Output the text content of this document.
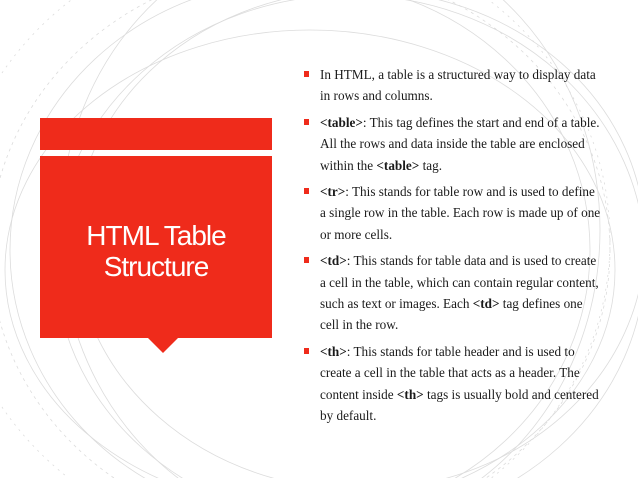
HTML Table
Structure
In HTML, a table is a structured way to display data in rows and columns.
<table>: This tag defines the start and end of a table. All the rows and data inside the table are enclosed within the <table> tag.
<tr>: This stands for table row and is used to define a single row in the table. Each row is made up of one or more cells.
<td>: This stands for table data and is used to create a cell in the table, which can contain regular content, such as text or images. Each <td> tag defines one cell in the row.
<th>: This stands for table header and is used to create a cell in the table that acts as a header. The content inside <th> tags is usually bold and centered by default.
